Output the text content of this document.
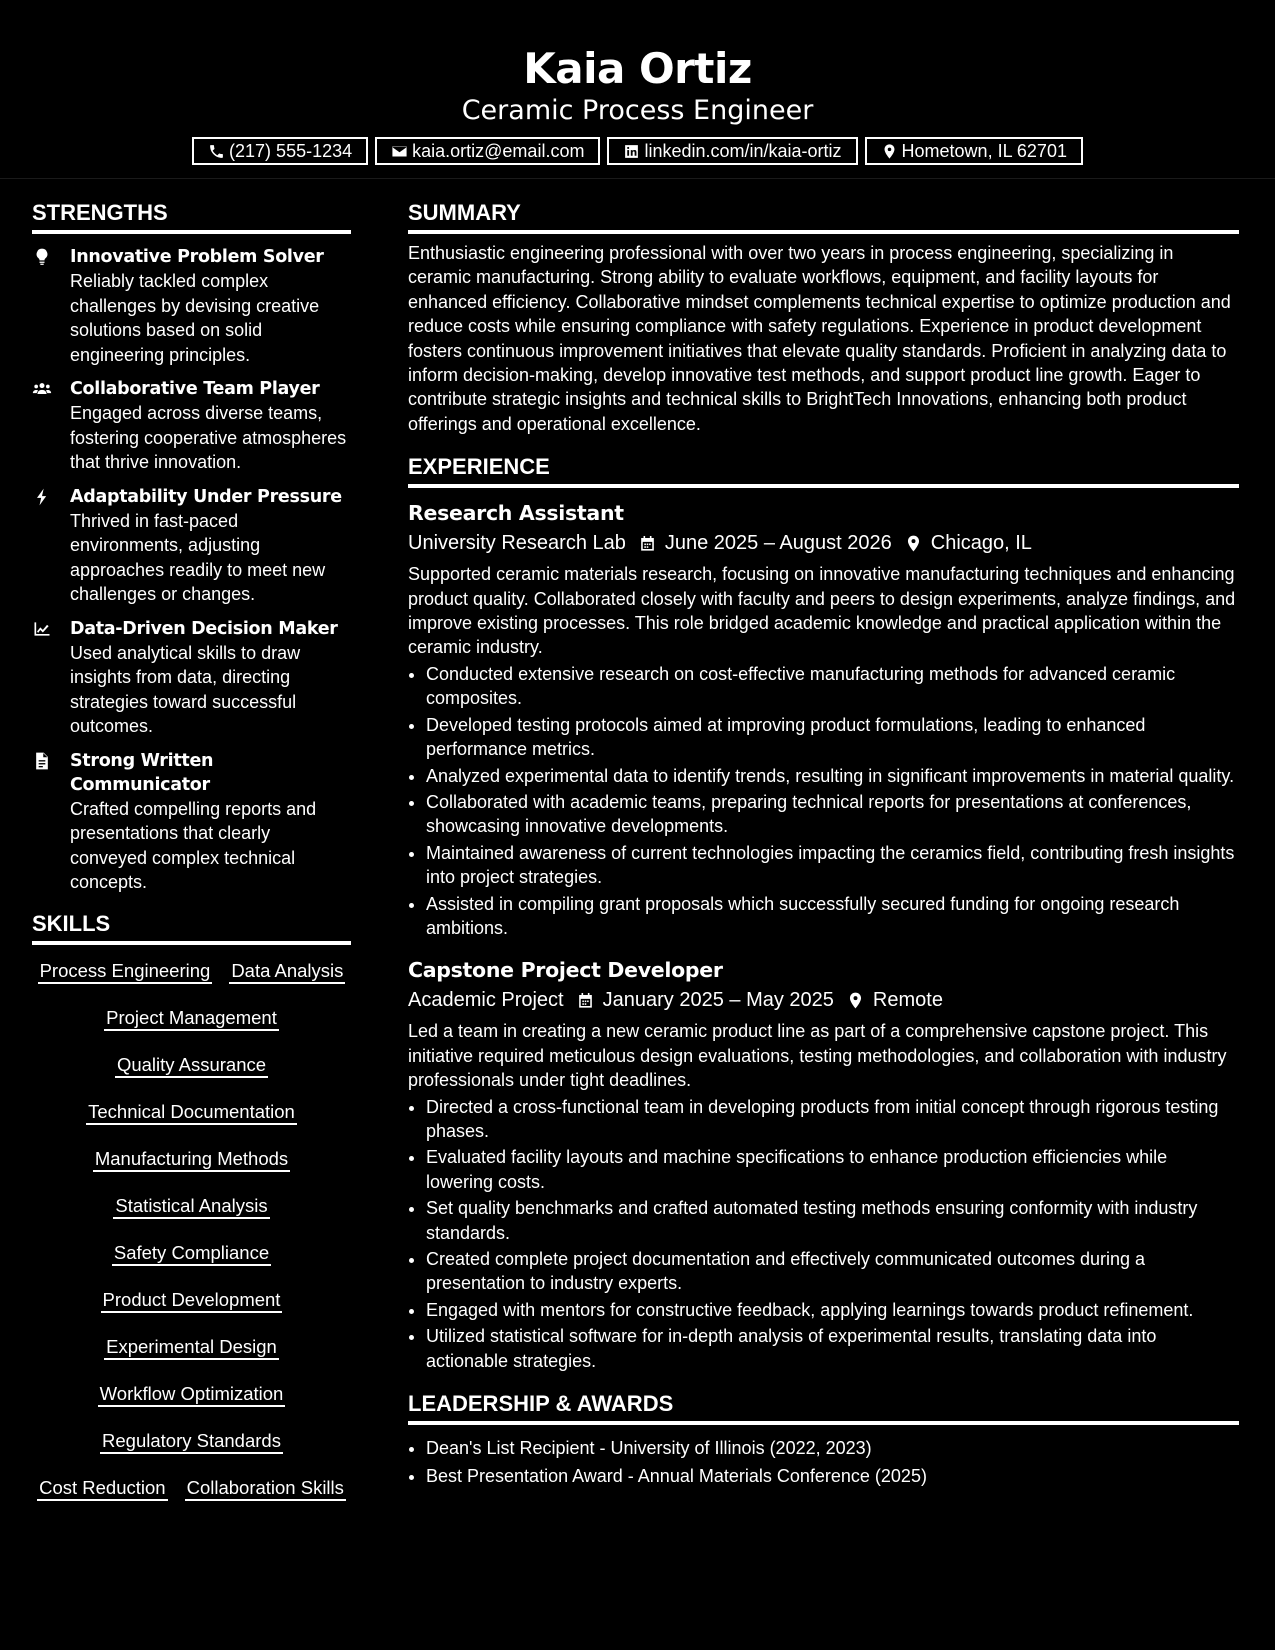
Kaia Ortiz
Ceramic Process Engineer
(217) 555-1234	kaia.ortiz@email.com	linkedin.com/in/kaia-ortiz	Hometown, IL 62701
STRENGTHS
Innovative Problem Solver
Reliably tackled complex challenges by devising creative solutions based on solid engineering principles.
Collaborative Team Player
Engaged across diverse teams, fostering cooperative atmospheres that thrive innovation.
Adaptability Under Pressure
Thrived in fast-paced environments, adjusting approaches readily to meet new challenges or changes.
Data-Driven Decision Maker
Used analytical skills to draw insights from data, directing strategies toward successful outcomes.
Strong Written Communicator
Crafted compelling reports and presentations that clearly conveyed complex technical concepts.
SKILLS
Process Engineering Data Analysis
Project Management
Quality Assurance
Technical Documentation
Manufacturing Methods
Statistical Analysis
Safety Compliance
Product Development
Experimental Design
Workflow Optimization
Regulatory Standards
Cost Reduction Collaboration Skills
SUMMARY
Enthusiastic engineering professional with over two years in process engineering, specializing in ceramic manufacturing. Strong ability to evaluate workflows, equipment, and facility layouts for enhanced efficiency. Collaborative mindset complements technical expertise to optimize production and reduce costs while ensuring compliance with safety regulations. Experience in product development fosters continuous improvement initiatives that elevate quality standards. Proficient in analyzing data to inform decision-making, develop innovative test methods, and support product line growth. Eager to contribute strategic insights and technical skills to BrightTech Innovations, enhancing both product offerings and operational excellence.
EXPERIENCE
Research Assistant
University Research Lab June 2025 – August 2026 Chicago, IL
Supported ceramic materials research, focusing on innovative manufacturing techniques and enhancing product quality. Collaborated closely with faculty and peers to design experiments, analyze findings, and improve existing processes. This role bridged academic knowledge and practical application within the ceramic industry.
• Conducted extensive research on cost-effective manufacturing methods for advanced ceramic composites.
• Developed testing protocols aimed at improving product formulations, leading to enhanced performance metrics.
• Analyzed experimental data to identify trends, resulting in significant improvements in material quality.
• Collaborated with academic teams, preparing technical reports for presentations at conferences, showcasing innovative developments.
• Maintained awareness of current technologies impacting the ceramics field, contributing fresh insights into project strategies.
• Assisted in compiling grant proposals which successfully secured funding for ongoing research ambitions.
Capstone Project Developer
Academic Project January 2025 – May 2025 Remote
Led a team in creating a new ceramic product line as part of a comprehensive capstone project. This initiative required meticulous design evaluations, testing methodologies, and collaboration with industry professionals under tight deadlines.
• Directed a cross-functional team in developing products from initial concept through rigorous testing phases.
• Evaluated facility layouts and machine specifications to enhance production efficiencies while lowering costs.
• Set quality benchmarks and crafted automated testing methods ensuring conformity with industry standards.
• Created complete project documentation and effectively communicated outcomes during a presentation to industry experts.
• Engaged with mentors for constructive feedback, applying learnings towards product refinement.
• Utilized statistical software for in-depth analysis of experimental results, translating data into actionable strategies.
LEADERSHIP & AWARDS
• Dean's List Recipient - University of Illinois (2022, 2023)
• Best Presentation Award - Annual Materials Conference (2025)
